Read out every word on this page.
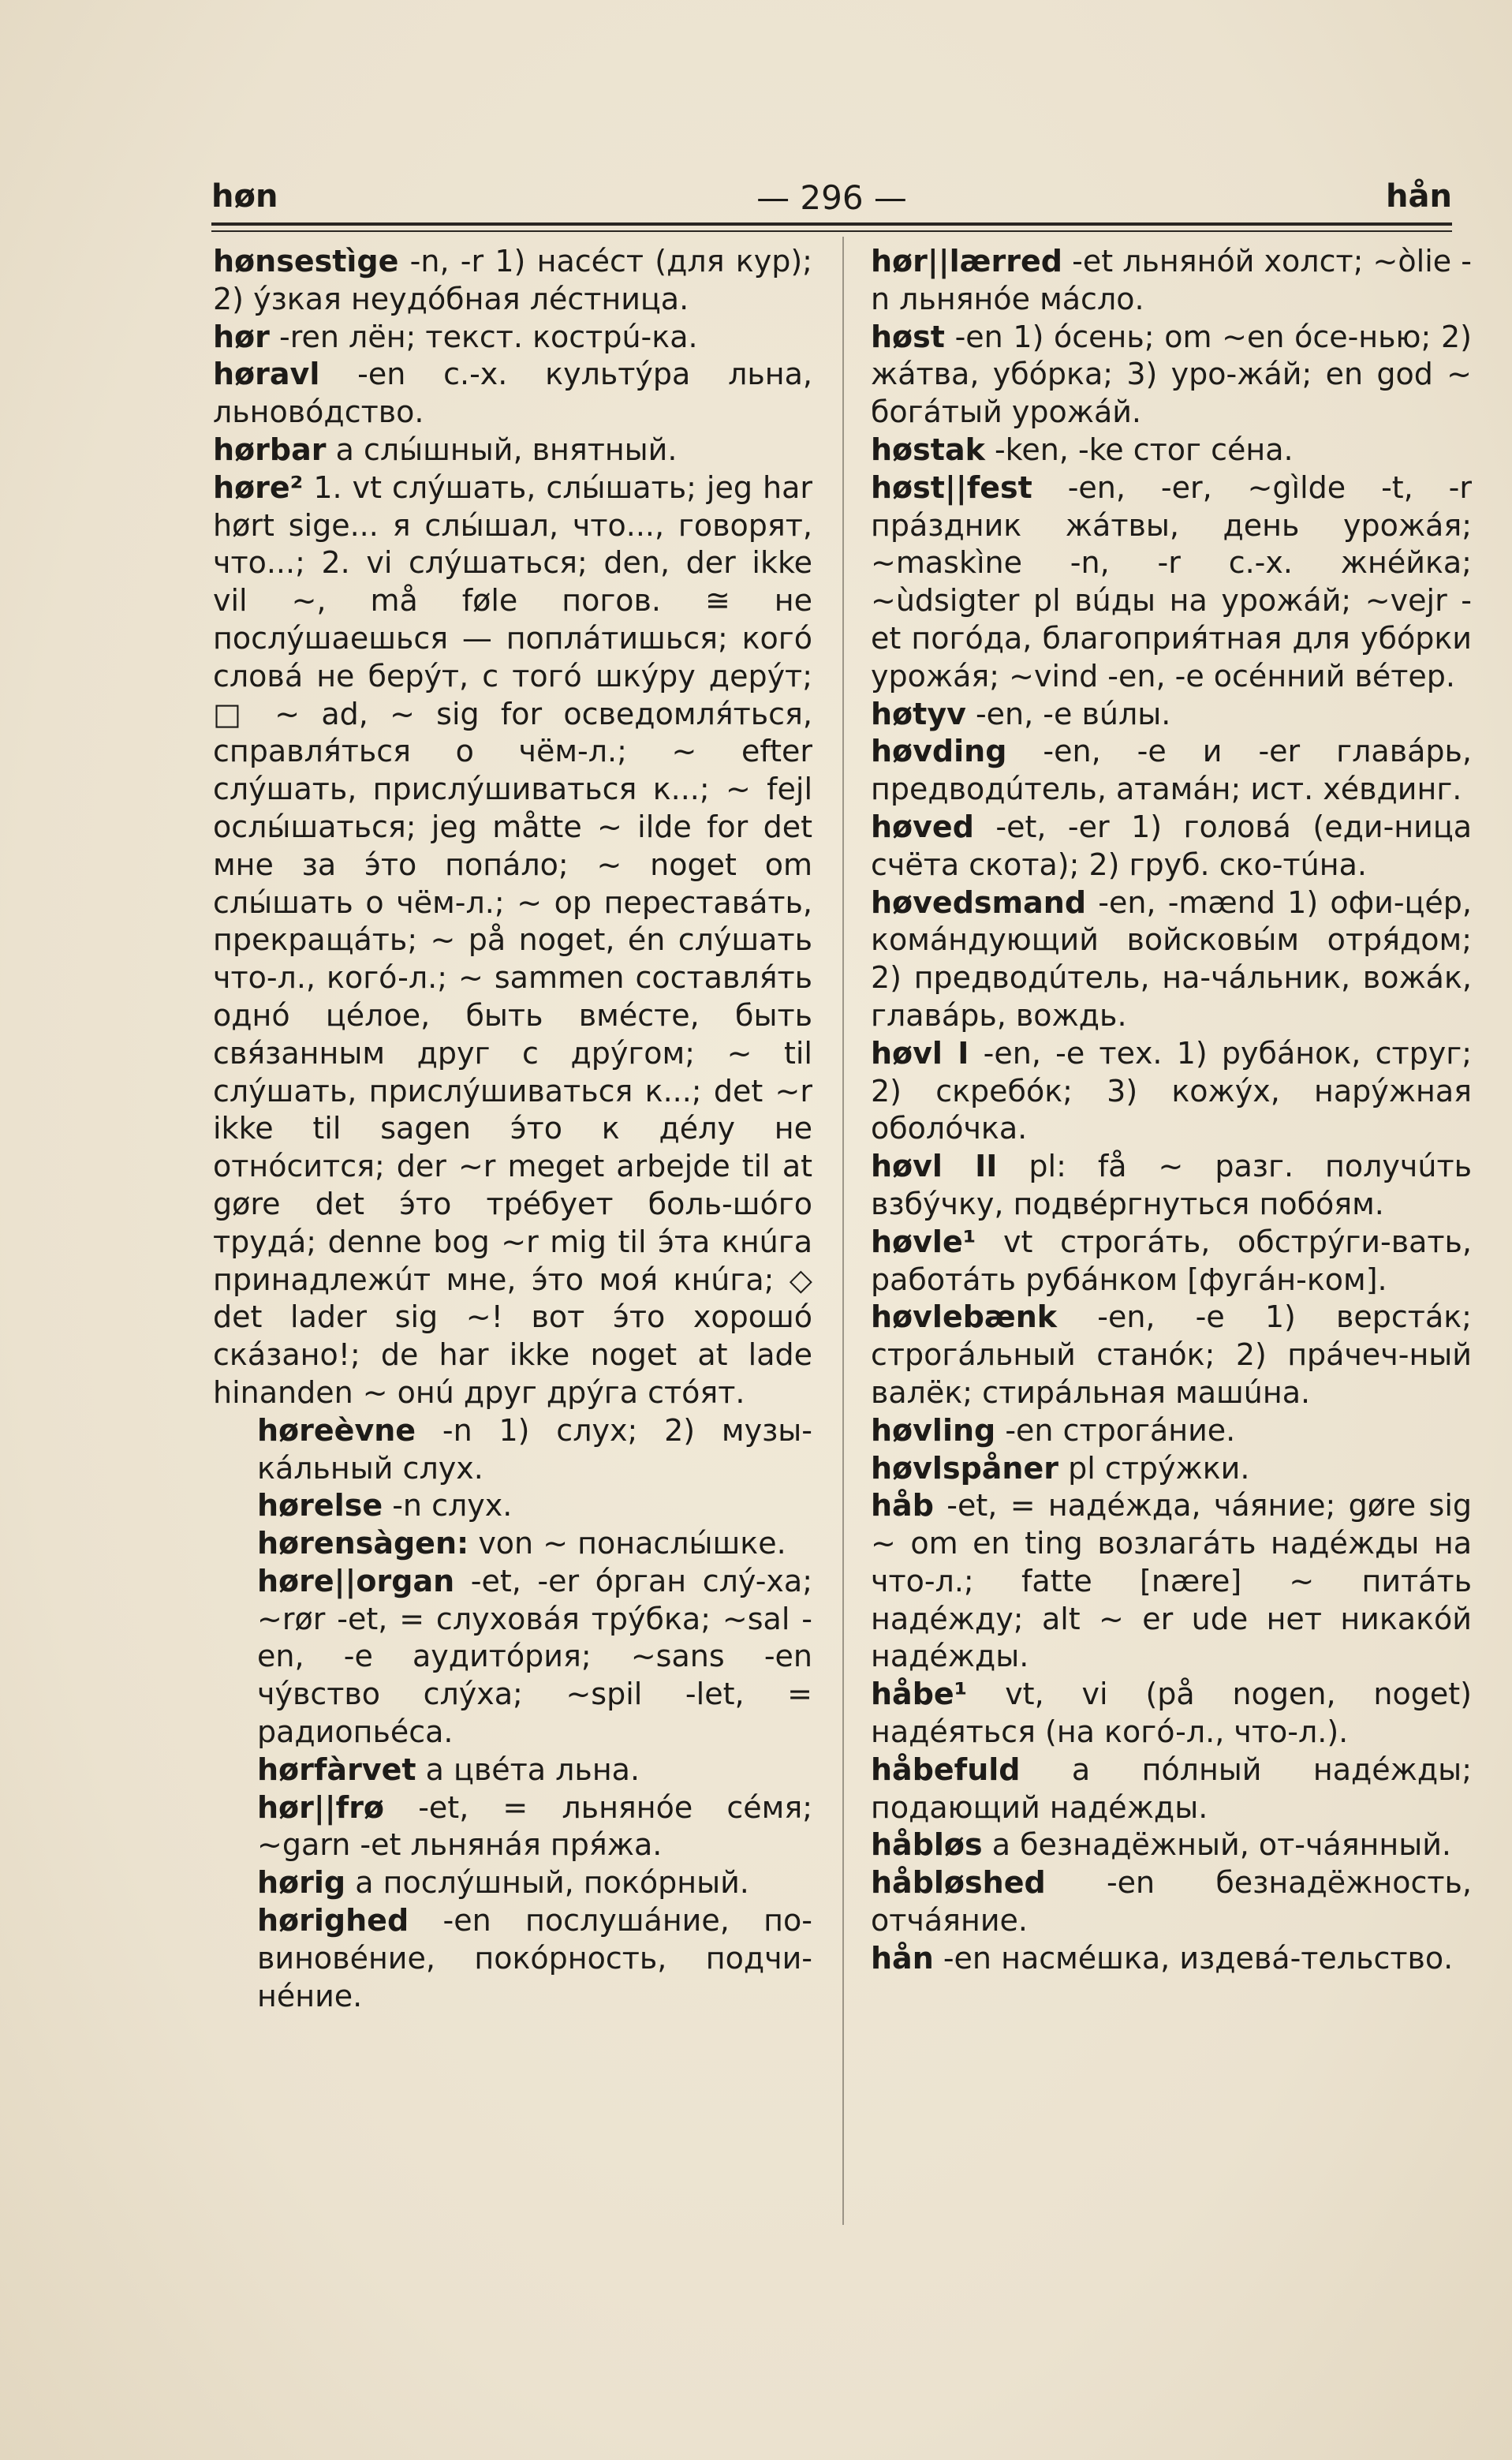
høn	— 296 —	hån

hønsestìge -n, -r 1) насéст (для кур); 2) ýзкая неудóбная лéстница.

hør -ren лён; текст. кострú-ка.

høravl -en с.-х. культýра льна, льновóдство.

hørbar a слы́шный, внятный.

høre² 1. vt слýшать, слы́шать; jeg har hørt sige... я слы́шал, что..., говорят, что...; 2. vi слýшаться; den, der ikke vil ~, må føle погов. ≅ не послýшаешься — поплáтишься; когó словá не берýт, с тогó шкýру дерýт; □ ~ ad, ~ sig for осведомля́ться, справля́ться о чём-л.; ~ efter слýшать, прислýшиваться к...; ~ fejl ослы́шаться; jeg måtte ~ ilde for det мне за э́то попáло; ~ noget om слы́шать о чём-л.; ~ op переставáть, прекращáть; ~ på noget, én слýшать что-л., когó-л.; ~ sammen составля́ть однó цéлое, быть вмéсте, быть свя́занным друг с дрýгом; ~ til слýшать, прислýшиваться к...; det ~r ikke til sagen э́то к дéлу не отнóсится; der ~r meget arbejde til at gøre det э́то трéбует боль-шóго трудá; denne bog ~r mig til э́та кнúга принадлежúт мне, э́то моя́ кнúга; ◇ det lader sig ~! вот э́то хорошó скáзано!; de har ikke noget at lade hinanden ~ онú друг дрýга стóят.

høreèvne -n 1) слух; 2) музы-кáльный слух.

hørelse -n слух.

hørensàgen: von ~ понаслы́шке.

høre||organ -et, -er óрган слý-ха; ~rør -et, = слуховáя трýбка; ~sal -en, -e аудитóрия; ~sans -en чýвство слýха; ~spil -let, = радиопьéса.

hørfàrvet a цвéта льна.

hør||frø -et, = льнянóе сéмя; ~garn -et льнянáя пря́жа.

hørig a послýшный, покóрный.

hørighed -en послушáние, по-виновéние, покóрность, подчи-нéние.

hør||lærred -et льнянóй холст; ~òlie -n льнянóе мáсло.

høst -en 1) óсень; om ~en óсе-нью; 2) жáтва, убóрка; 3) уро-жáй; en god ~ богáтый урожáй.

høstak -ken, -ke стог сéна.

høst||fest -en, -er, ~gìlde -t, -r прáздник жáтвы, день урожáя; ~maskìne -n, -r с.-х. жнéйка; ~ùdsigter pl вúды на урожáй; ~vejr -et погóда, благоприя́тная для убóрки урожáя; ~vind -en, -e осéнний вéтер.

høtyv -en, -e вúлы.

høvding -en, -e и -er главáрь, предводúтель, атамáн; ист. хéвдинг.

høved -et, -er 1) головá (еди-ница счёта скота); 2) груб. ско-тúна.

høvedsmand -en, -mænd 1) офи-цéр, комáндующий войсковы́м отря́дом; 2) предводúтель, на-чáльник, вожáк, главáрь, вождь.

høvl I -en, -e тех. 1) рубáнок, струг; 2) скребóк; 3) кожýх, нарýжная оболóчка.

høvl II pl: få ~ разг. получúть взбýчку, подвéргнуться побóям.

høvle¹ vt строгáть, обстрýги-вать, работáть рубáнком [фугáн-ком].

høvlebænk -en, -e 1) верстáк; строгáльный станóк; 2) прáчеч-ный валёк; стирáльная машúна.

høvling -en строгáние.

høvlspåner pl стрýжки.

håb -et, = надéжда, чáяние; gøre sig ~ om en ting возлагáть надéжды на что-л.; fatte [nære] ~ питáть надéжду; alt ~ er ude нет никакóй надéжды.

håbe¹ vt, vi (på nogen, noget) надéяться (на когó-л., что-л.).

håbefuld a пóлный надéжды; подающий надéжды.

håbløs a безнадёжный, от-чáянный.

håbløshed -en безнадёжность, отчáяние.

hån -en насмéшка, издевá-тельство.
